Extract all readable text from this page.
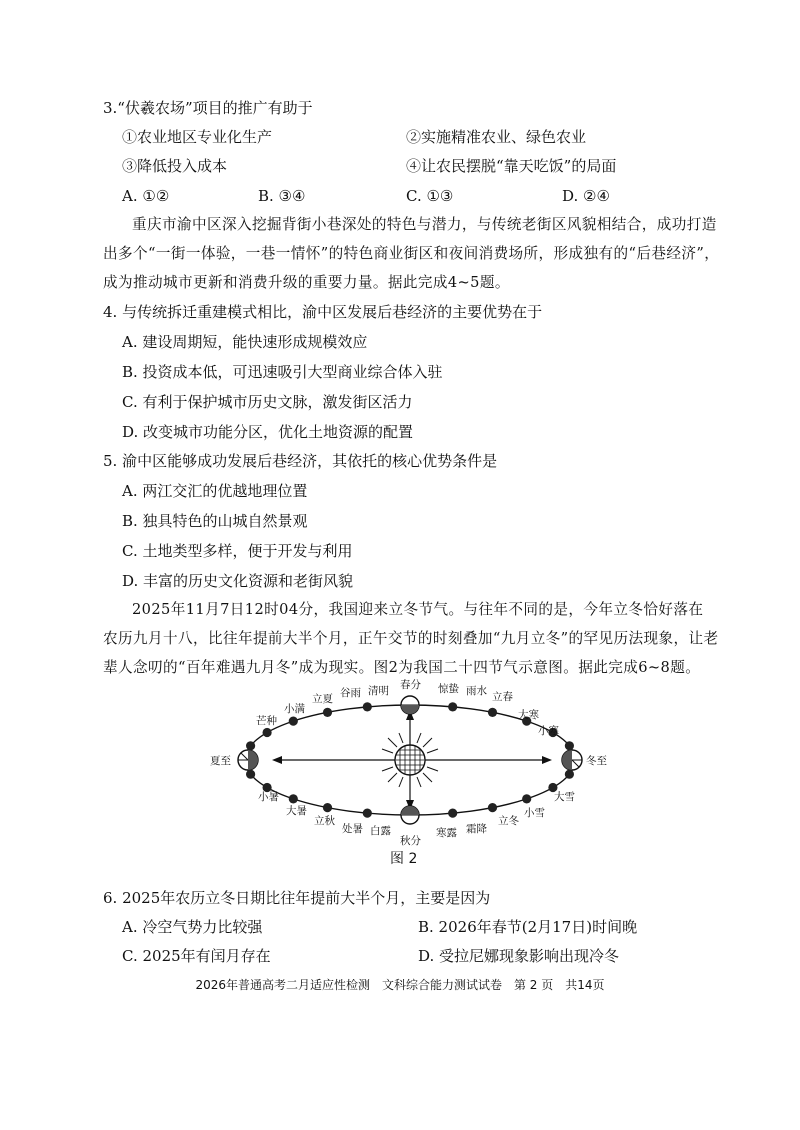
3.“伏羲农场”项目的推广有助于
①农业地区专业化生产	②实施精准农业、绿色农业
③降低投入成本	④让农民摆脱“靠天吃饭”的局面
A. ①②	B. ③④	C. ①③	D. ②④
重庆市渝中区深入挖掘背街小巷深处的特色与潜力，与传统老街区风貌相结合，成功打造
出多个“一街一体验，一巷一情怀”的特色商业街区和夜间消费场所，形成独有的“后巷经济”，
成为推动城市更新和消费升级的重要力量。据此完成4~5题。
4. 与传统拆迁重建模式相比，渝中区发展后巷经济的主要优势在于
A. 建设周期短，能快速形成规模效应
B. 投资成本低，可迅速吸引大型商业综合体入驻
C. 有利于保护城市历史文脉，激发街区活力
D. 改变城市功能分区，优化土地资源的配置
5. 渝中区能够成功发展后巷经济，其依托的核心优势条件是
A. 两江交汇的优越地理位置
B. 独具特色的山城自然景观
C. 土地类型多样，便于开发与利用
D. 丰富的历史文化资源和老街风貌
2025年11月7日12时04分，我国迎来立冬节气。与往年不同的是，今年立冬恰好落在
农历九月十八，比往年提前大半个月，正午交节的时刻叠加“九月立冬”的罕见历法现象，让老
辈人念叨的“百年难遇九月冬”成为现实。图2为我国二十四节气示意图。据此完成6~8题。
春分 惊蛰 雨水 立春
大寒
小寒
冬至
大雪
小雪
立冬
霜降
寒露
秋分
白露
处暑
立秋
大暑
小暑
夏至
芒种
小满
立夏 谷雨 清明
图 2
6. 2025年农历立冬日期比往年提前大半个月，主要是因为
A. 冷空气势力比较强	B. 2026年春节(2月17日)时间晚
C. 2025年有闰月存在	D. 受拉尼娜现象影响出现冷冬
2026年普通高考二月适应性检测　文科综合能力测试试卷　第 2 页　共14页
